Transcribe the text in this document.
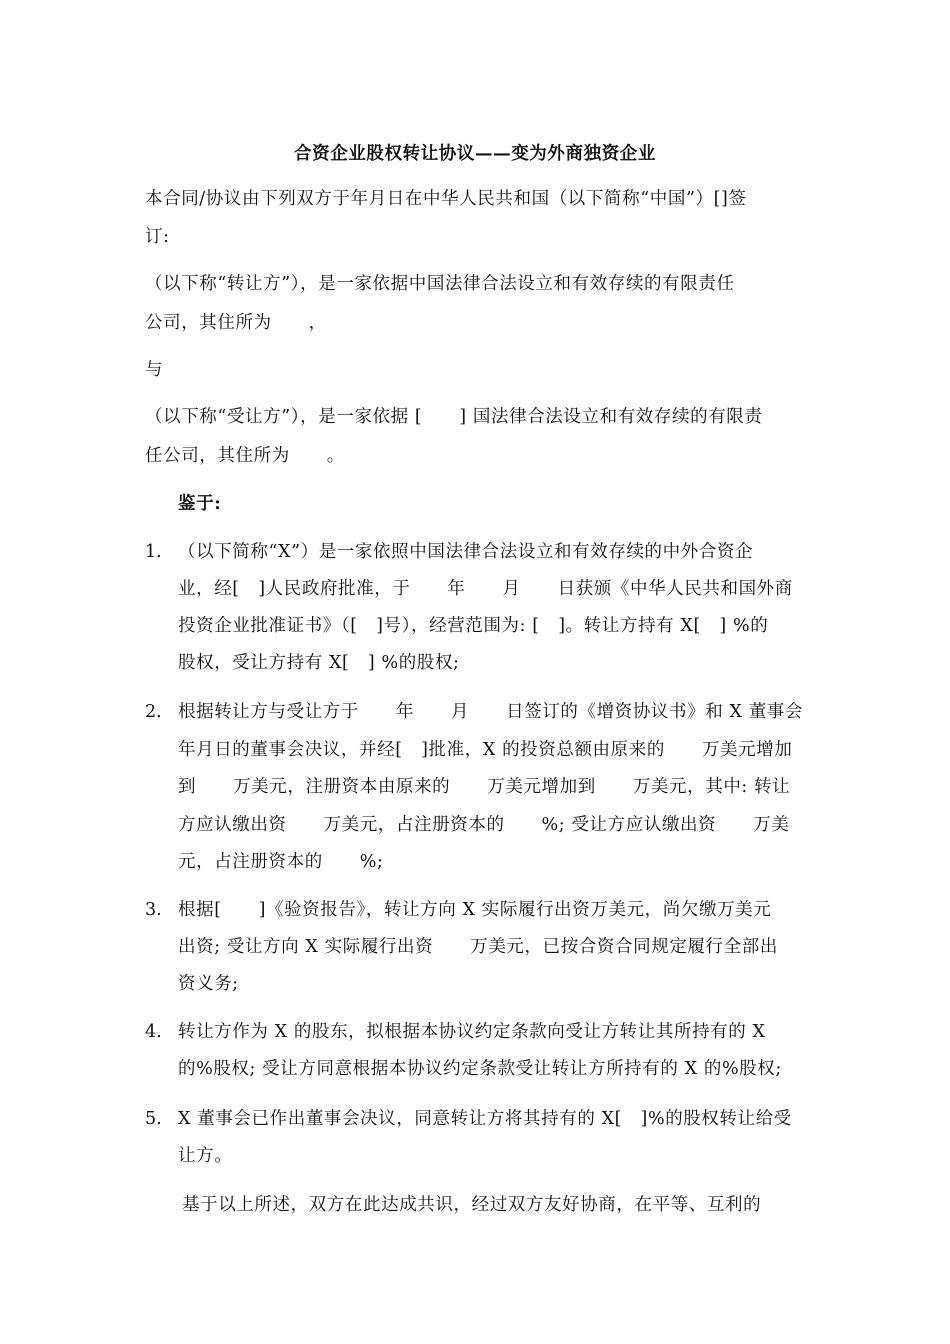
合资企业股权转让协议——变为外商独资企业
本合同/协议由下列双方于年月日在中华人民共和国（以下简称“中国”）[]签
订:
（以下称“转让方”），是一家依据中国法律合法设立和有效存续的有限责任
公司，其住所为      ，
与
（以下称“受让方”），是一家依据 [      ] 国法律合法设立和有效存续的有限责
任公司，其住所为      。
鉴于:
1. （以下简称“X”）是一家依照中国法律合法设立和有效存续的中外合资企
业，经[   ]人民政府批准，于      年      月      日获颁《中华人民共和国外商
投资企业批准证书》（[   ]号），经营范围为: [   ]。转让方持有 X[   ] %的
股权，受让方持有 X[   ] %的股权;
2. 根据转让方与受让方于      年      月      日签订的《增资协议书》和 X 董事会
年月日的董事会决议，并经[   ]批准，X 的投资总额由原来的      万美元增加
到      万美元，注册资本由原来的      万美元增加到      万美元，其中: 转让
方应认缴出资      万美元，占注册资本的      %; 受让方应认缴出资      万美
元，占注册资本的      %;
3. 根据[      ]《验资报告》，转让方向 X 实际履行出资万美元，尚欠缴万美元
出资; 受让方向 X 实际履行出资      万美元，已按合资合同规定履行全部出
资义务;
4. 转让方作为 X 的股东，拟根据本协议约定条款向受让方转让其所持有的 X
的%股权; 受让方同意根据本协议约定条款受让转让方所持有的 X 的%股权;
5. X 董事会已作出董事会决议，同意转让方将其持有的 X[   ]%的股权转让给受
让方。
基于以上所述，双方在此达成共识，经过双方友好协商，在平等、互利的
